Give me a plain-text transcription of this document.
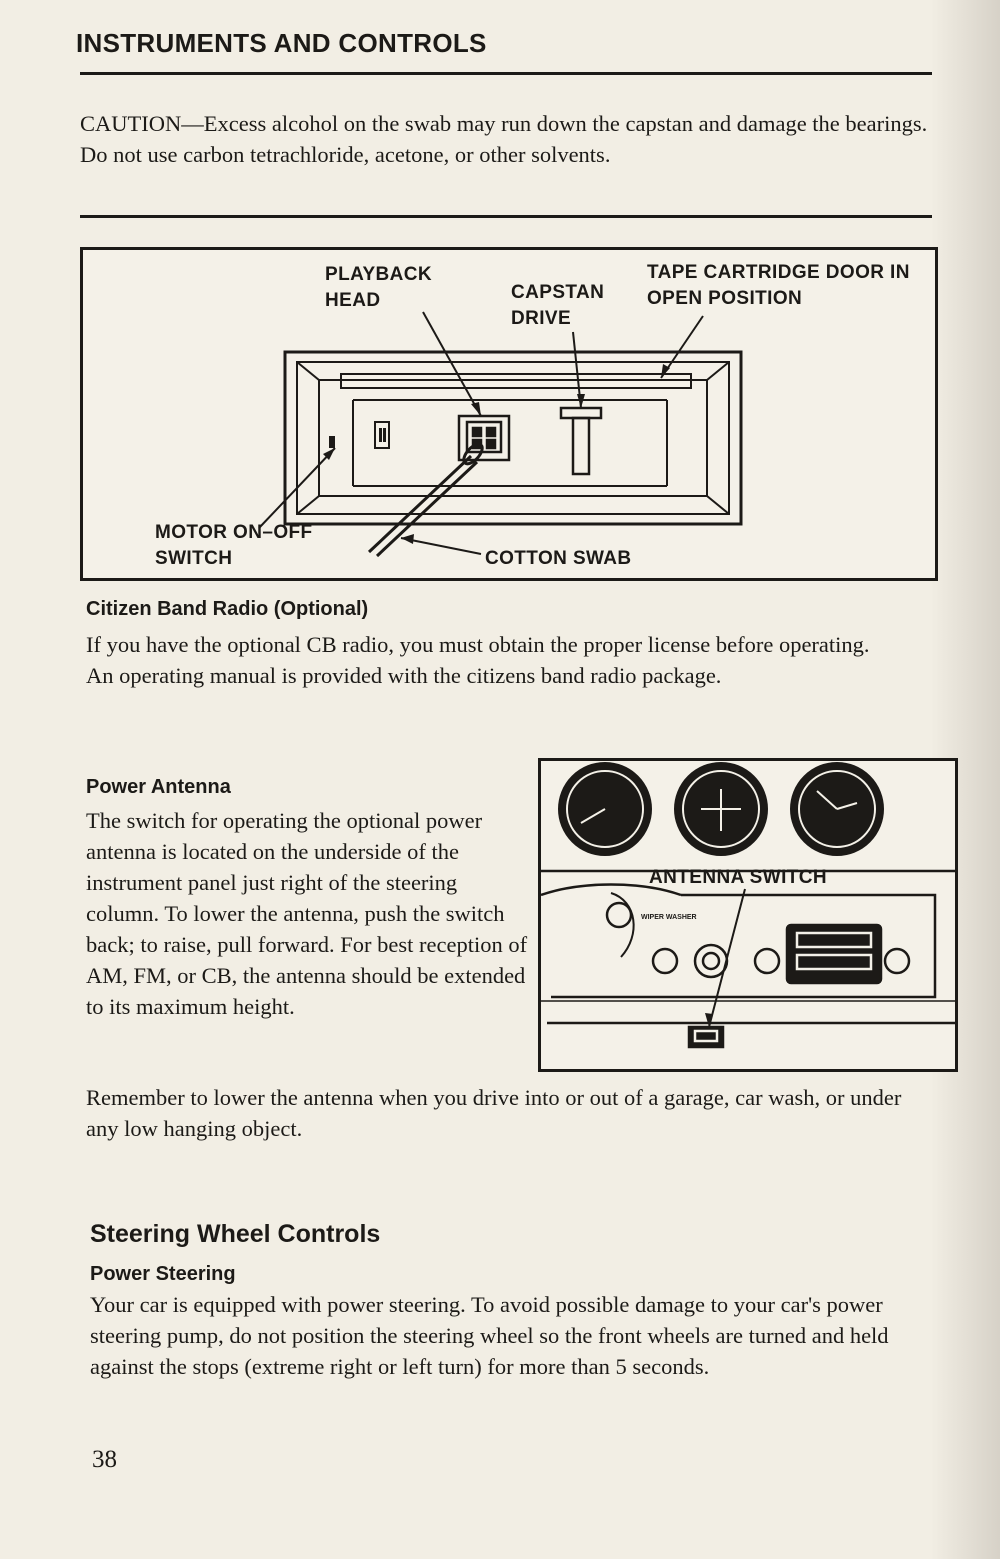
INSTRUMENTS AND CONTROLS

CAUTION—Excess alcohol on the swab may run down the capstan and damage the bearings. Do not use carbon tetrachloride, acetone, or other solvents.

PLAYBACK HEAD	CAPSTAN DRIVE

TAPE CARTRIDGE DOOR IN OPEN POSITION

MOTOR ON–OFF SWITCH	COTTON SWAB

Citizen Band Radio (Optional)

If you have the optional CB radio, you must obtain the proper license before operating. An operating manual is provided with the citizens band radio package.

Power Antenna

The switch for operating the optional power antenna is located on the underside of the instrument panel just right of the steering column. To lower the antenna, push the switch back; to raise, pull forward. For best reception of AM, FM, or CB, the antenna should be extended to its maximum height.

WIPER WASHER

ANTENNA SWITCH

Remember to lower the antenna when you drive into or out of a garage, car wash, or under any low hanging object.

Steering Wheel Controls
Power Steering

Your car is equipped with power steering. To avoid possible damage to your car's power steering pump, do not position the steering wheel so the front wheels are turned and held against the stops (extreme right or left turn) for more than 5 seconds.

38
